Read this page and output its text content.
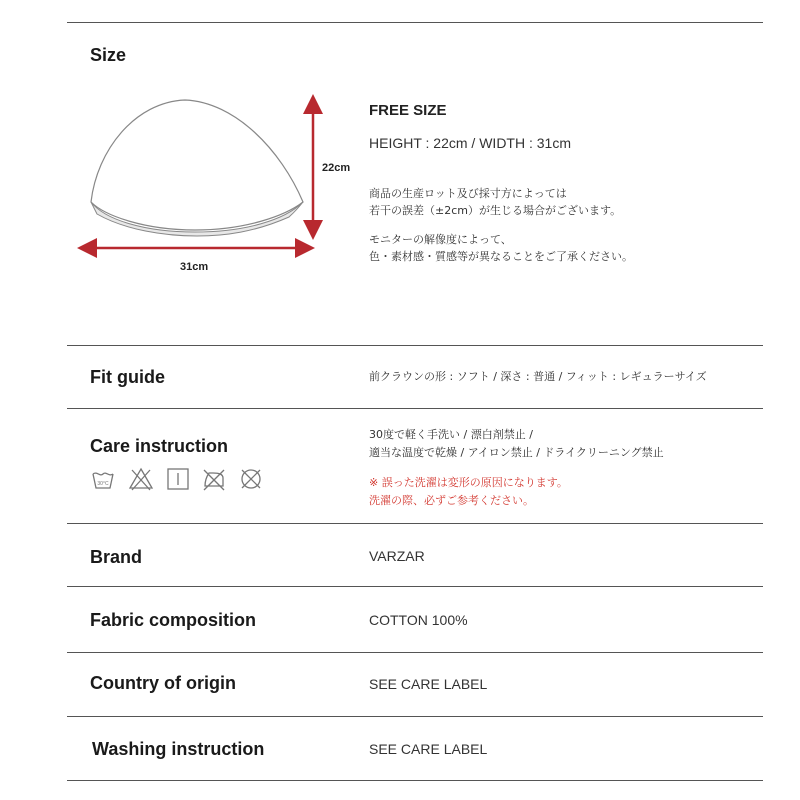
Size
22cm
31cm
FREE SIZE
HEIGHT : 22cm / WIDTH : 31cm
商品の生産ロット及び採寸方によっては
若干の誤差（±2cm）が生じる場合がございます。
モニターの解像度によって、
色・素材感・質感等が異なることをご了承ください。
Fit guide	前クラウンの形 : ソフト / 深さ : 普通 / フィット : レギュラーサイズ
Care instruction
30度で軽く手洗い / 漂白剤禁止 /
適当な温度で乾燥 / アイロン禁止 / ドライクリーニング禁止
※ 誤った洗濯は変形の原因になります。
洗濯の際、必ずご参考ください。
30°C
Brand	VARZAR
Fabric composition	COTTON 100%
Country of origin	SEE CARE LABEL
Washing instruction	SEE CARE LABEL
